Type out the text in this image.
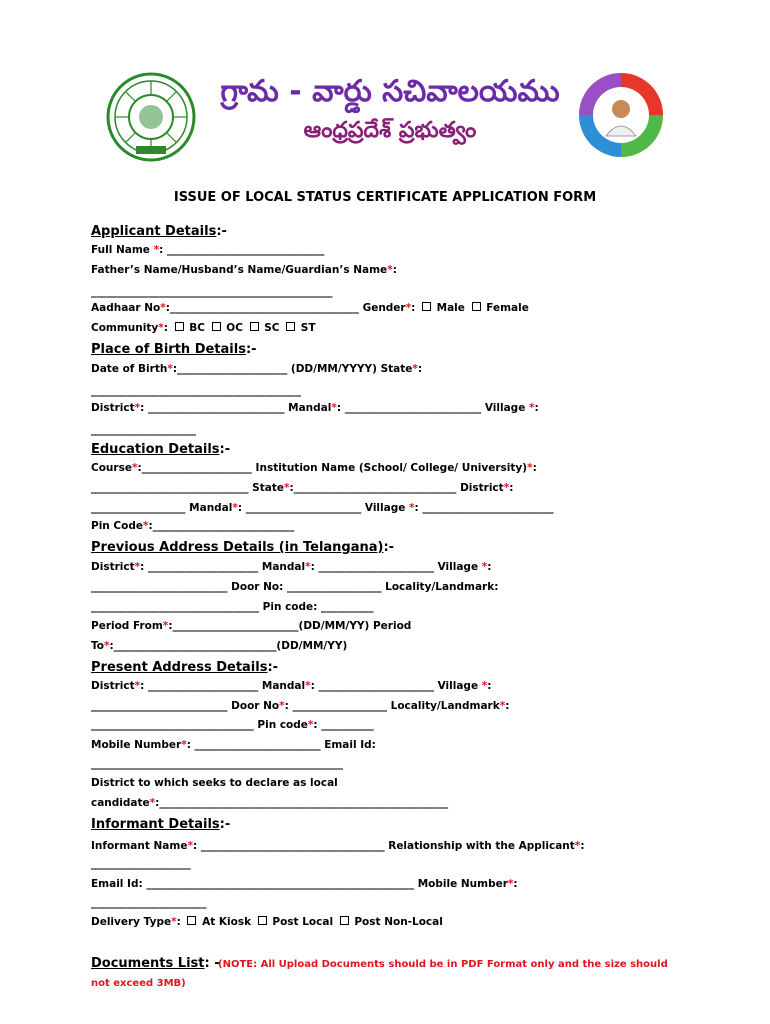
గ్రామ - వార్డు సచివాలయము
ఆంధ్రప్రదేశ్ ప్రభుత్వం
ISSUE OF LOCAL STATUS CERTIFICATE APPLICATION FORM
Applicant Details:-
Full Name *: ______________________________
Father’s Name/Husband’s Name/Guardian’s Name*:
______________________________________________
Aadhaar No*:____________________________________ Gender*:  Male  Female
Community*:  BC  OC  SC  ST
Place of Birth Details:-
Date of Birth*:_____________________ (DD/MM/YYYY) State*:
________________________________________
District*: __________________________ Mandal*: __________________________ Village *:
____________________
Education Details:-
Course*:_____________________ Institution Name (School/ College/ University)*:
______________________________ State*:_______________________________ District*:
__________________ Mandal*: ______________________ Village *: _________________________
Pin Code*:___________________________
Previous Address Details (in Telangana):-
District*: _____________________ Mandal*: ______________________ Village *:
__________________________ Door No: __________________ Locality/Landmark:
________________________________ Pin code: __________
Period From*:________________________(DD/MM/YY) Period
To*:_______________________________(DD/MM/YY)
Present Address Details:-
District*: _____________________ Mandal*: ______________________ Village *:
__________________________ Door No*: __________________ Locality/Landmark*:
_______________________________ Pin code*: __________
Mobile Number*: ________________________ Email Id:
________________________________________________
District to which seeks to declare as local
candidate*:_______________________________________________________
Informant Details:-
Informant Name*: ___________________________________ Relationship with the Applicant*:
___________________
Email Id: ___________________________________________________ Mobile Number*:
______________________
Delivery Type*:  At Kiosk  Post Local  Post Non-Local
Documents List: -
(NOTE: All Upload Documents should be in PDF Format only and the size should
not exceed 3MB)
